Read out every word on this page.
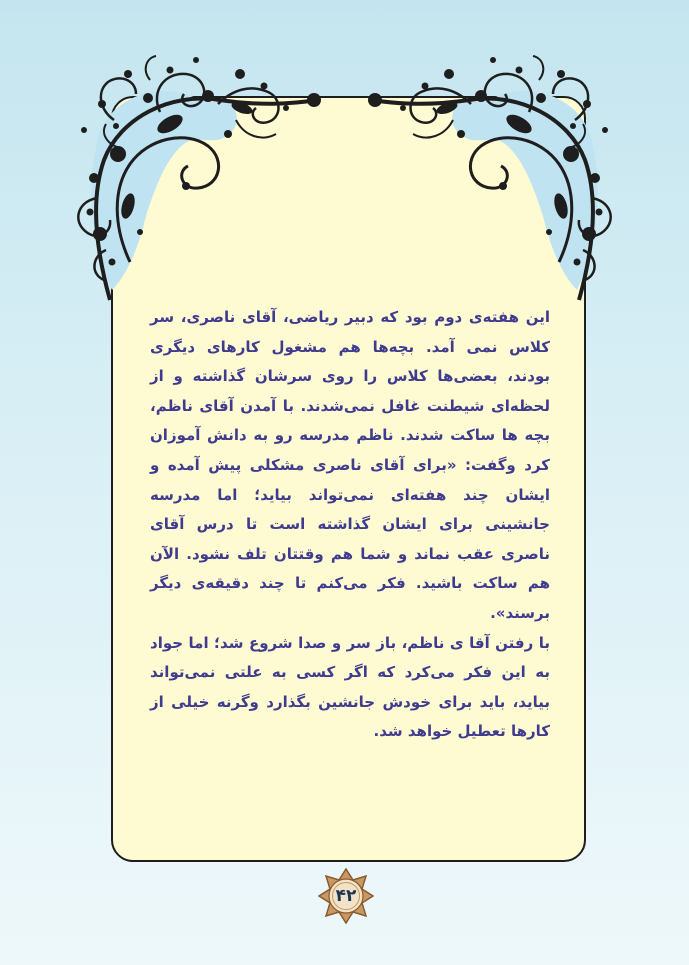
این هفته‌ی دوم بود که دبیر ریاضی، آقای ناصری، سر کلاس نمی آمد. بچه‌ها هم مشغول کارهای دیگری بودند، بعضی‌ها کلاس را روی سرشان گذاشته و از لحظه‌ای شیطنت غافل نمی‌شدند. با آمدن آقای ناظم، بچه ها ساکت شدند. ناظم مدرسه رو به دانش آموزان کرد وگفت: «برای آقای ناصری مشکلی پیش آمده و ایشان چند هفته‌ای نمی‌تواند بیاید؛ اما مدرسه جانشینی برای ایشان گذاشته است تا درس آقای ناصری عقب نماند و شما هم وقتتان تلف نشود. الآن هم ساکت باشید. فکر می‌کنم تا چند دقیقه‌ی دیگر برسند».

با رفتن آقا ی ناظم، باز سر و صدا شروع شد؛ اما جواد به این فکر می‌کرد که اگر کسی به علتی نمی‌تواند بیاید، باید برای خودش جانشین بگذارد وگرنه خیلی از کارها تعطیل خواهد شد.

۴۲
